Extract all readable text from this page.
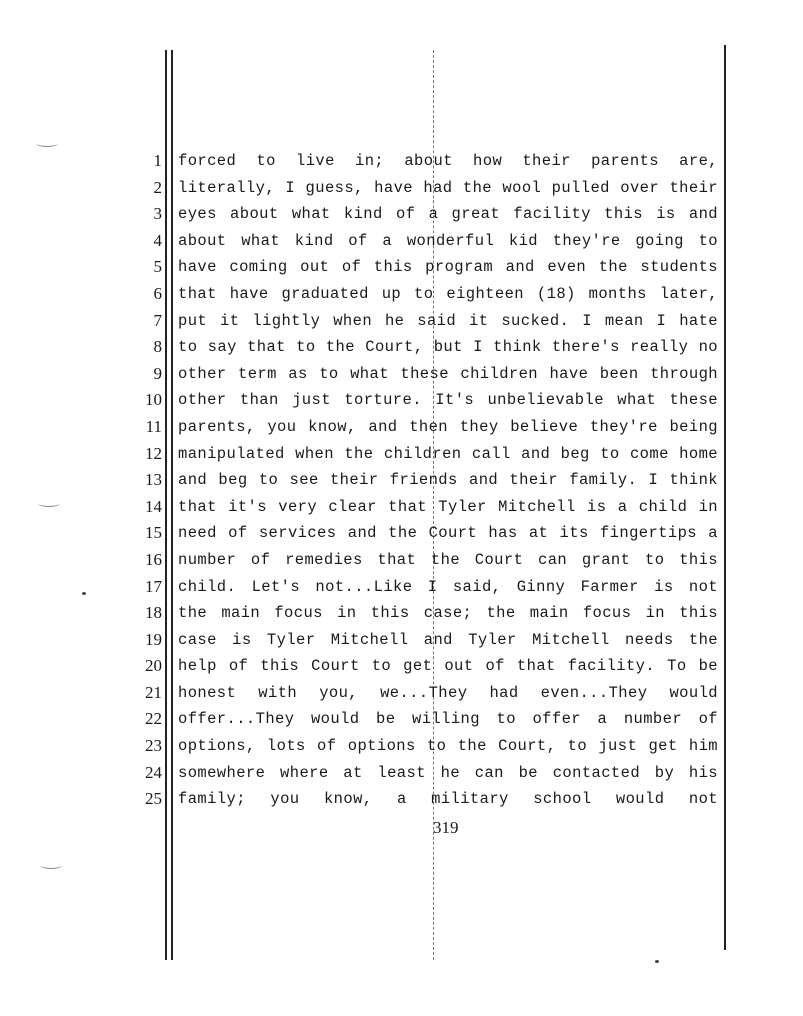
1
2
3
4
5
6
7
8
9
10
11
12
13
14
15
16
17
18
19
20
21
22
23
24
25
forced to live in; about how their parents are,
literally, I guess, have had the wool pulled over their
eyes about what kind of a great facility this is and
about what kind of a wonderful kid they're going to
have coming out of this program and even the students
that have graduated up to eighteen (18) months later,
put it lightly when he said it sucked. I mean I hate
to say that to the Court, but I think there's really no
other term as to what these children have been through
other than just torture. It's unbelievable what these
parents, you know, and then they believe they're being
manipulated when the children call and beg to come home
and beg to see their friends and their family. I think
that it's very clear that Tyler Mitchell is a child in
need of services and the Court has at its fingertips a
number of remedies that the Court can grant to this
child. Let's not...Like I said, Ginny Farmer is not
the main focus in this case; the main focus in this
case is Tyler Mitchell and Tyler Mitchell needs the
help of this Court to get out of that facility. To be
honest with you, we...They had even...They would
offer...They would be willing to offer a number of
options, lots of options to the Court, to just get him
somewhere where at least he can be contacted by his
family; you know, a military school would not
319
